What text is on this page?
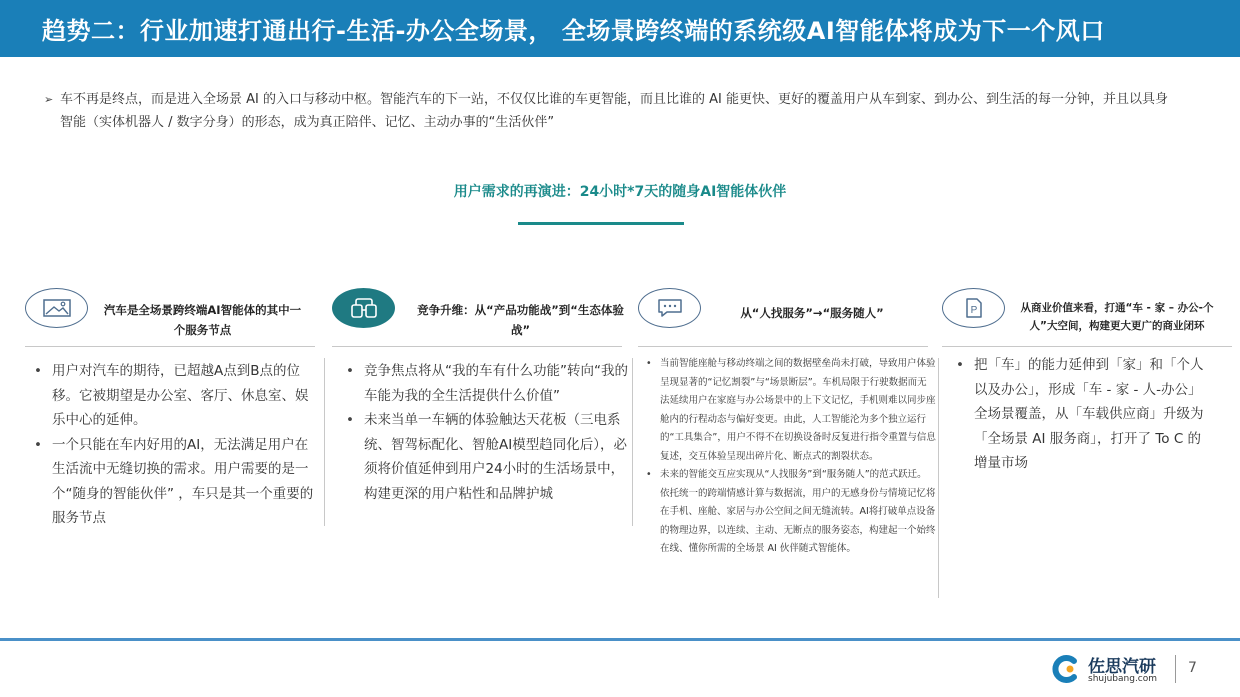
趋势二：行业加速打通出行-生活-办公全场景， 全场景跨终端的系统级AI智能体将成为下一个风口
➢ 车不再是终点，而是进入全场景 AI 的入口与移动中枢。智能汽车的下一站，不仅仅比谁的车更智能，而且比谁的 AI 能更快、更好的覆盖用户从车到家、到办公、到生活的每一分钟，并且以具身智能（实体机器人 / 数字分身）的形态，成为真正陪伴、记忆、主动办事的“生活伙伴”
用户需求的再演进：24小时*7天的随身AI智能体伙伴
汽车是全场景跨终端AI智能体的其中一个服务节点
竞争升维：从“产品功能战”到“生态体验战”
从“人找服务”→“服务随人”	P	从商业价值来看，打通“车 - 家 – 办公-个人”大空间，构建更大更广的商业闭环
• 用户对汽车的期待，已超越A点到B点的位移。它被期望是办公室、客厅、休息室、娱乐中心的延伸。
• 一个只能在车内好用的AI，无法满足用户在生活流中无缝切换的需求。用户需要的是一个“随身的智能伙伴” ，车只是其一个重要的服务节点
• 竞争焦点将从“我的车有什么功能”转向“我的车能为我的全生活提供什么价值”
• 未来当单一车辆的体验触达天花板（三电系统、智驾标配化、智舱AI模型趋同化后），必须将价值延伸到用户24小时的生活场景中，构建更深的用户粘性和品牌护城
• 当前智能座舱与移动终端之间的数据壁垒尚未打破，导致用户体验呈现显著的“记忆割裂”与“场景断层”。车机局限于行驶数据而无法延续用户在家庭与办公场景中的上下文记忆，手机则难以同步座舱内的行程动态与偏好变更。由此，人工智能沦为多个独立运行的“工具集合”，用户不得不在切换设备时反复进行指令重置与信息复述，交互体验呈现出碎片化、断点式的割裂状态。
• 未来的智能交互应实现从“人找服务”到“服务随人”的范式跃迁。依托统一的跨端情感计算与数据流，用户的无感身份与情境记忆将在手机、座舱、家居与办公空间之间无缝流转。AI将打破单点设备的物理边界，以连续、主动、无断点的服务姿态，构建起一个始终在线、懂你所需的全场景 AI 伙伴随式智能体。
• 把「车」的能力延伸到「家」和「个人以及办公」，形成「车 - 家 - 人-办公」全场景覆盖，从「车载供应商」升级为「全场景 AI 服务商」，打开了 To C 的增量市场
佐思汽研
shujubang.com
7
